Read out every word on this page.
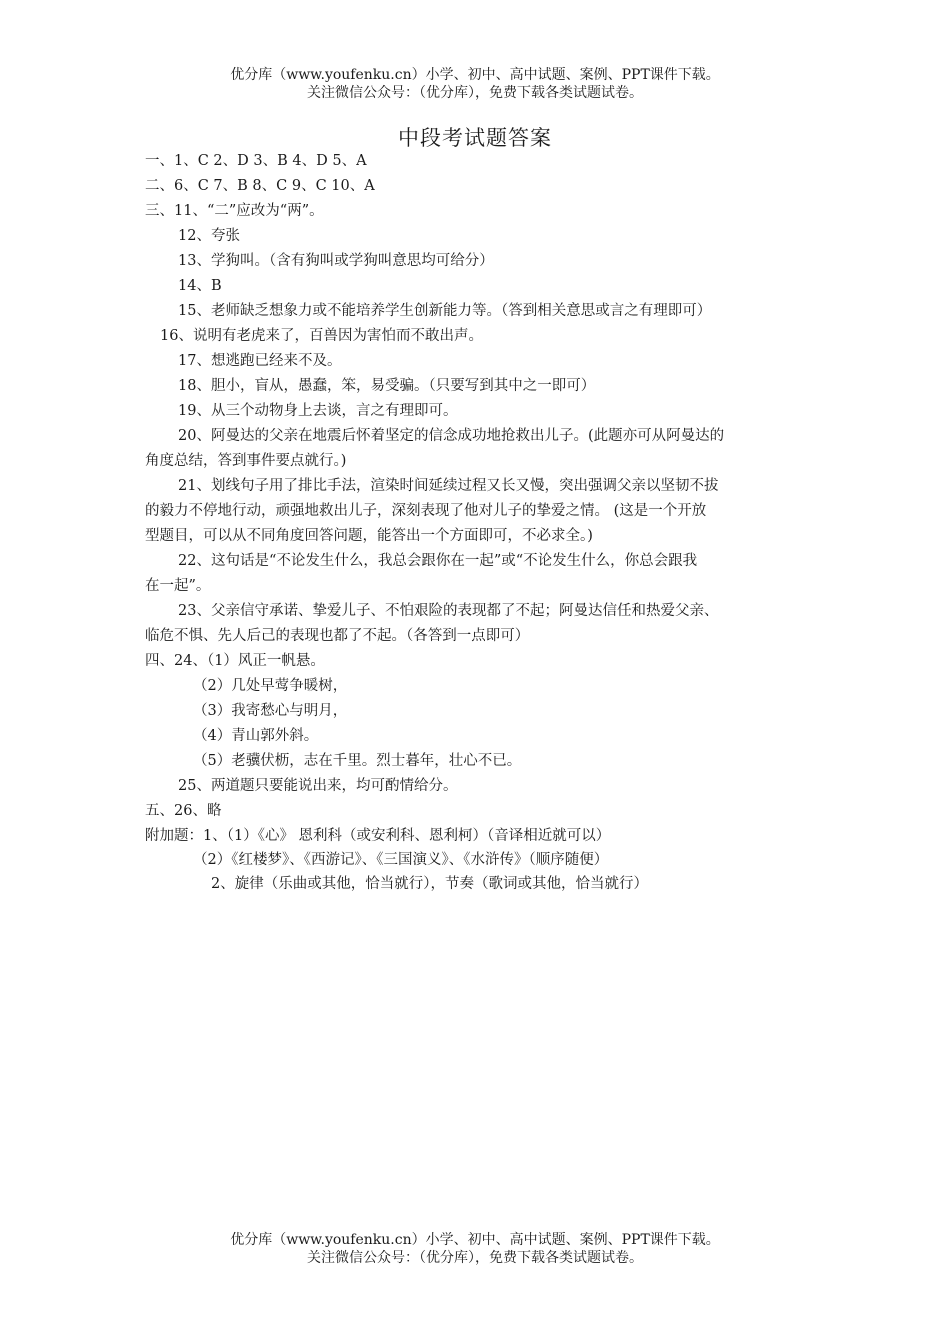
优分库（www.youfenku.cn）小学、初中、高中试题、案例、PPT课件下载。
关注微信公众号：（优分库），免费下载各类试题试卷。
中段考试题答案
一、1、C 2、D 3、B 4、D 5、A
二、6、C 7、B 8、C 9、C 10、A
三、11、“二”应改为“两”。
12、夸张
13、学狗叫。（含有狗叫或学狗叫意思均可给分）
14、B
15、老师缺乏想象力或不能培养学生创新能力等。（答到相关意思或言之有理即可）
16、说明有老虎来了，百兽因为害怕而不敢出声。
17、想逃跑已经来不及。
18、胆小，盲从，愚蠢，笨，易受骗。（只要写到其中之一即可）
19、从三个动物身上去谈，言之有理即可。
20、阿曼达的父亲在地震后怀着坚定的信念成功地抢救出儿子。(此题亦可从阿曼达的
角度总结，答到事件要点就行。)
21、划线句子用了排比手法，渲染时间延续过程又长又慢，突出强调父亲以坚韧不拔
的毅力不停地行动，顽强地救出儿子，深刻表现了他对儿子的挚爱之情。 (这是一个开放
型题目，可以从不同角度回答问题，能答出一个方面即可，不必求全。)
22、这句话是“不论发生什么，我总会跟你在一起”或“不论发生什么，你总会跟我
在一起”。
23、父亲信守承诺、挚爱儿子、不怕艰险的表现都了不起；阿曼达信任和热爱父亲、
临危不惧、先人后己的表现也都了不起。（各答到一点即可）
四、24、（1）风正一帆悬。
（2）几处早莺争暖树，
（3）我寄愁心与明月，
（4）青山郭外斜。
（5）老骥伏枥，志在千里。烈士暮年，壮心不已。
25、两道题只要能说出来，均可酌情给分。
五、26、略
附加题：1、（1）《心》 恩利科（或安利科、恩利柯）（音译相近就可以）
（2）《红楼梦》、《西游记》、《三国演义》、《水浒传》（顺序随便）
2、旋律（乐曲或其他，恰当就行），节奏（歌词或其他，恰当就行）
优分库（www.youfenku.cn）小学、初中、高中试题、案例、PPT课件下载。
关注微信公众号：（优分库），免费下载各类试题试卷。
